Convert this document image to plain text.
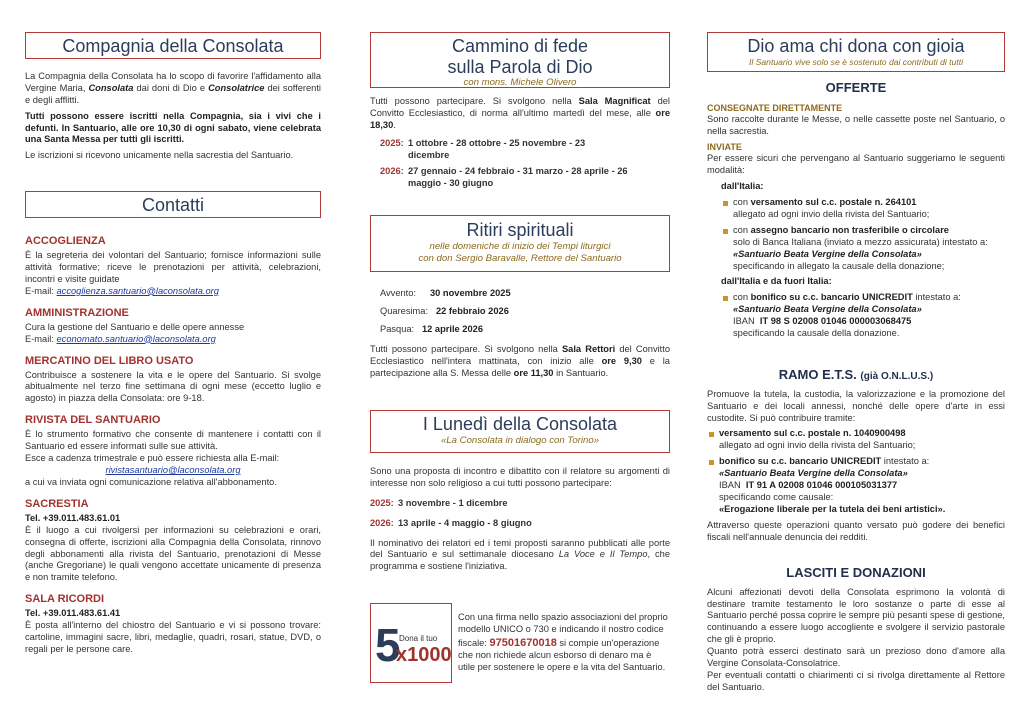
Compagnia della Consolata

La Compagnia della Consolata ha lo scopo di favorire l'affidamento alla Vergine Maria, Consolata dai doni di Dio e Consolatrice dei sofferenti e degli afflitti.

Tutti possono essere iscritti nella Compagnia, sia i vivi che i defunti. In Santuario, alle ore 10,30 di ogni sabato, viene celebrata una Santa Messa per tutti gli iscritti.

Le iscrizioni si ricevono unicamente nella sacrestia del Santuario.

Contatti
ACCOGLIENZA

È la segreteria dei volontari del Santuario; fornisce informazioni sulle attività formative; riceve le prenotazioni per attività, celebrazioni, incontri e visite guidate

E-mail: accoglienza.santuario@laconsolata.org

AMMINISTRAZIONE

Cura la gestione del Santuario e delle opere annesse

E-mail: economato.santuario@laconsolata.org

MERCATINO DEL LIBRO USATO

Contribuisce a sostenere la vita e le opere del Santuario. Si svolge abitualmente nel terzo fine settimana di ogni mese (eccetto luglio e agosto) in piazza della Consolata: ore 9-18.

RIVISTA DEL SANTUARIO

È lo strumento formativo che consente di mantenere i contatti con il Santuario ed essere informati sulle sue attività.

Esce a cadenza trimestrale e può essere richiesta alla E-mail:

rivistasantuario@laconsolata.org

a cui va inviata ogni comunicazione relativa all'abbonamento.

SACRESTIA

Tel. +39.011.483.61.01

È il luogo a cui rivolgersi per informazioni su celebrazioni e orari, consegna di offerte, iscrizioni alla Compagnia della Consolata, rinnovo degli abbonamenti alla rivista del Santuario, prenotazioni di Messe (anche Gregoriane) le quali vengono accettate unicamente di presenza e non tramite telefono.

SALA RICORDI

Tel. +39.011.483.61.41

È posta all'interno del chiostro del Santuario e vi si possono trovare: cartoline, immagini sacre, libri, medaglie, quadri, rosari, statue, DVD, o regali per le persone care.

Cammino di fede
sulla Parola di Dio
con mons. Michele Olivero

Tutti possono partecipare. Si svolgono nella Sala Magnificat del Convitto Ecclesiastico, di norma all'ultimo martedì del mese, alle ore 18,30.

2025: 1 ottobre - 28 ottobre - 25 novembre - 23 dicembre
2026: 27 gennaio - 24 febbraio - 31 marzo - 28 aprile - 26 maggio - 30 giugno
Ritiri spirituali
nelle domeniche di inizio dei Tempi liturgici
con don Sergio Baravalle, Rettore del Santuario
Avvento: 30 novembre 2025
Quaresima: 22 febbraio 2026
Pasqua: 12 aprile 2026

Tutti possono partecipare. Si svolgono nella Sala Rettori del Convitto Ecclesiastico nell'intera mattinata, con inizio alle ore 9,30 e la partecipazione alla S. Messa delle ore 11,30 in Santuario.

I Lunedì della Consolata
«La Consolata in dialogo con Torino»

Sono una proposta di incontro e dibattito con il relatore su argomenti di interesse non solo religioso a cui tutti possono partecipare:

2025: 3 novembre - 1 dicembre
2026: 13 aprile - 4 maggio - 8 giugno

Il nominativo dei relatori ed i temi proposti saranno pubblicati alle porte del Santuario e sul settimanale diocesano La Voce e Il Tempo, che programma e sostiene l'iniziativa.

5
Dona il tuo
x1000

Con una firma nello spazio associazioni del proprio modello UNICO o 730 e indicando il nostro codice fiscale: 97501670018 si compie un'operazione che non richiede alcun esborso di denaro ma è utile per sostenere le opere e la vita del Santuario.

Dio ama chi dona con gioia
Il Santuario vive solo se è sostenuto dai contributi di tutti
OFFERTE
CONSEGNATE DIRETTAMENTE

Sono raccolte durante le Messe, o nelle cassette poste nel Santuario, o nella sacrestia.

INVIATE

Per essere sicuri che pervengano al Santuario suggeriamo le seguenti modalità:

dall'Italia:
con versamento sul c.c. postale n. 264101
allegato ad ogni invio della rivista del Santuario;
con assegno bancario non trasferibile o circolare
solo di Banca Italiana (inviato a mezzo assicurata) intestato a:
«Santuario Beata Vergine della Consolata»
specificando in allegato la causale della donazione;
dall'Italia e da fuori Italia:
con bonifico su c.c. bancario UNICREDIT intestato a:
«Santuario Beata Vergine della Consolata»
IBAN IT 98 S 02008 01046 000003068475
specificando la causale della donazione.
RAMO E.T.S. (già O.N.L.U.S.)

Promuove la tutela, la custodia, la valorizzazione e la promozione del Santuario e dei locali annessi, nonché delle opere d'arte in essi custodite. Si può contribuire tramite:

versamento sul c.c. postale n. 1040900498
allegato ad ogni invio della rivista del Santuario;
bonifico su c.c. bancario UNICREDIT intestato a:
«Santuario Beata Vergine della Consolata»
IBAN IT 91 A 02008 01046 000105031377
specificando come causale:
«Erogazione liberale per la tutela dei beni artistici».

Attraverso queste operazioni quanto versato può godere dei benefici fiscali nell'annuale denuncia dei redditi.

LASCITI E DONAZIONI

Alcuni affezionati devoti della Consolata esprimono la volontà di destinare tramite testamento le loro sostanze o parte di esse al Santuario perché possa coprire le sempre più pesanti spese di gestione, continuando a essere luogo accogliente e svolgere il servizio pastorale che gli è proprio.

Quanto potrà esserci destinato sarà un prezioso dono d'amore alla Vergine Consolata-Consolatrice.

Per eventuali contatti o chiarimenti ci si rivolga direttamente al Rettore del Santuario.
